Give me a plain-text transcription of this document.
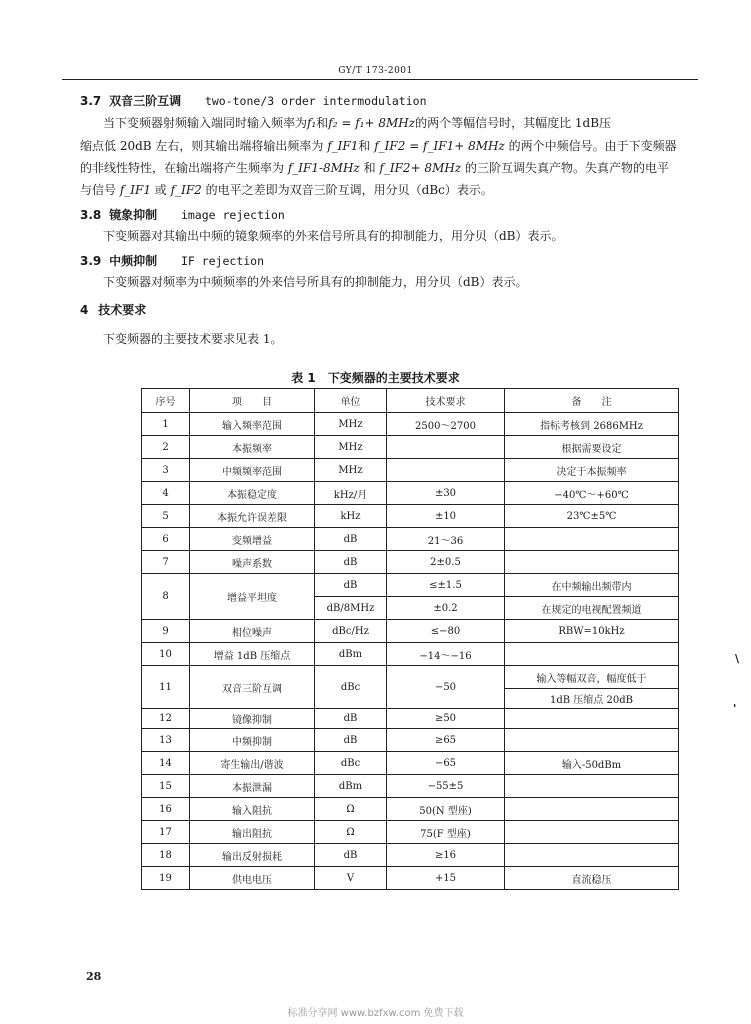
GY/T 173-2001
3.7 双音三阶互调 two-tone/3 order intermodulation
当下变频器射频输入端同时输入频率为f₁和f₂ = f₁+ 8MHz的两个等幅信号时，其幅度比 1dB压
缩点低 20dB 左右，则其输出端将输出频率为 f_IF1和 f_IF2 = f_IF1+ 8MHz 的两个中频信号。由于下变频器
的非线性特性，在输出端将产生频率为 f_IF1-8MHz 和 f_IF2+ 8MHz 的三阶互调失真产物。失真产物的电平
与信号 f_IF1 或 f_IF2 的电平之差即为双音三阶互调，用分贝（dBc）表示。
3.8 镜象抑制 image rejection
下变频器对其输出中频的镜象频率的外来信号所具有的抑制能力，用分贝（dB）表示。
3.9 中频抑制 IF rejection
下变频器对频率为中频频率的外来信号所具有的抑制能力，用分贝（dB）表示。
4 技术要求
下变频器的主要技术要求见表 1。
表 1　下变频器的主要技术要求
序号	项　　目	单位	技术要求	备　　注
1	输入频率范围	MHz	2500～2700	指标考核到 2686MHz
2	本振频率	MHz		根据需要设定
3	中频频率范围	MHz		决定于本振频率
4	本振稳定度	kHz/月	±30	−40℃～+60℃
5	本振允许误差限	kHz	±10	23℃±5℃
6	变频增益	dB	21～36	
7	噪声系数	dB	2±0.5	
8	增益平坦度	dB	≤±1.5	在中频输出频带内
		dB/8MHz	±0.2	在规定的电视配置频道
9	相位噪声	dBc/Hz	≤−80	RBW=10kHz
10	增益 1dB 压缩点	dBm	−14～−16	
11	双音三阶互调	dBc	−50	输入等幅双音，幅度低于
				1dB 压缩点 20dB
12	镜像抑制	dB	≥50	
13	中频抑制	dB	≥65	
14	寄生输出/谐波	dBc	−65	输入-50dBm
15	本振泄漏	dBm	−55±5	
16	输入阻抗	Ω	50(N 型座)	
17	输出阻抗	Ω	75(F 型座)	
18	输出反射损耗	dB	≥16	
19	供电电压	V	+15	直流稳压
28
标准分享网 www.bzfxw.com 免费下载
\
'
